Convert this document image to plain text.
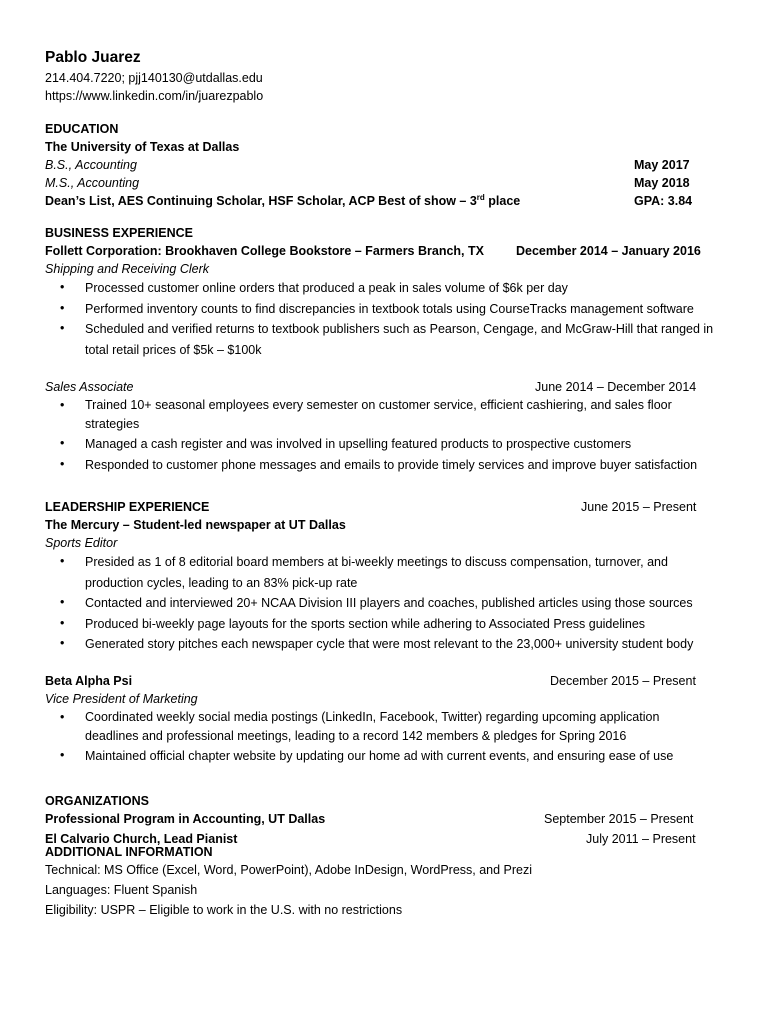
Pablo Juarez
214.404.7220; pjj140130@utdallas.edu
https://www.linkedin.com/in/juarezpablo
EDUCATION
The University of Texas at Dallas
B.S., Accounting	May 2017
M.S., Accounting	May 2018
Dean’s List, AES Continuing Scholar, HSF Scholar, ACP Best of show – 3rd place	GPA: 3.84
BUSINESS EXPERIENCE
Follett Corporation: Brookhaven College Bookstore – Farmers Branch, TX	December 2014 – January 2016
Shipping and Receiving Clerk
• Processed customer online orders that produced a peak in sales volume of $6k per day
• Performed inventory counts to find discrepancies in textbook totals using CourseTracks management software
• Scheduled and verified returns to textbook publishers such as Pearson, Cengage, and McGraw-Hill that ranged in total retail prices of $5k – $100k
Sales Associate	June 2014 – December 2014
• Trained 10+ seasonal employees every semester on customer service, efficient cashiering, and sales floor strategies
• Managed a cash register and was involved in upselling featured products to prospective customers
• Responded to customer phone messages and emails to provide timely services and improve buyer satisfaction
LEADERSHIP EXPERIENCE	June 2015 – Present
The Mercury – Student-led newspaper at UT Dallas
Sports Editor
• Presided as 1 of 8 editorial board members at bi-weekly meetings to discuss compensation, turnover, and production cycles, leading to an 83% pick-up rate
• Contacted and interviewed 20+ NCAA Division III players and coaches, published articles using those sources
• Produced bi-weekly page layouts for the sports section while adhering to Associated Press guidelines
• Generated story pitches each newspaper cycle that were most relevant to the 23,000+ university student body
Beta Alpha Psi	December 2015 – Present
Vice President of Marketing
• Coordinated weekly social media postings (LinkedIn, Facebook, Twitter) regarding upcoming application deadlines and professional meetings, leading to a record 142 members & pledges for Spring 2016
• Maintained official chapter website by updating our home ad with current events, and ensuring ease of use
ORGANIZATIONS
Professional Program in Accounting, UT Dallas	September 2015 – Present
El Calvario Church, Lead Pianist	July 2011 – Present
ADDITIONAL INFORMATION
Technical: MS Office (Excel, Word, PowerPoint), Adobe InDesign, WordPress, and Prezi
Languages: Fluent Spanish
Eligibility: USPR – Eligible to work in the U.S. with no restrictions
